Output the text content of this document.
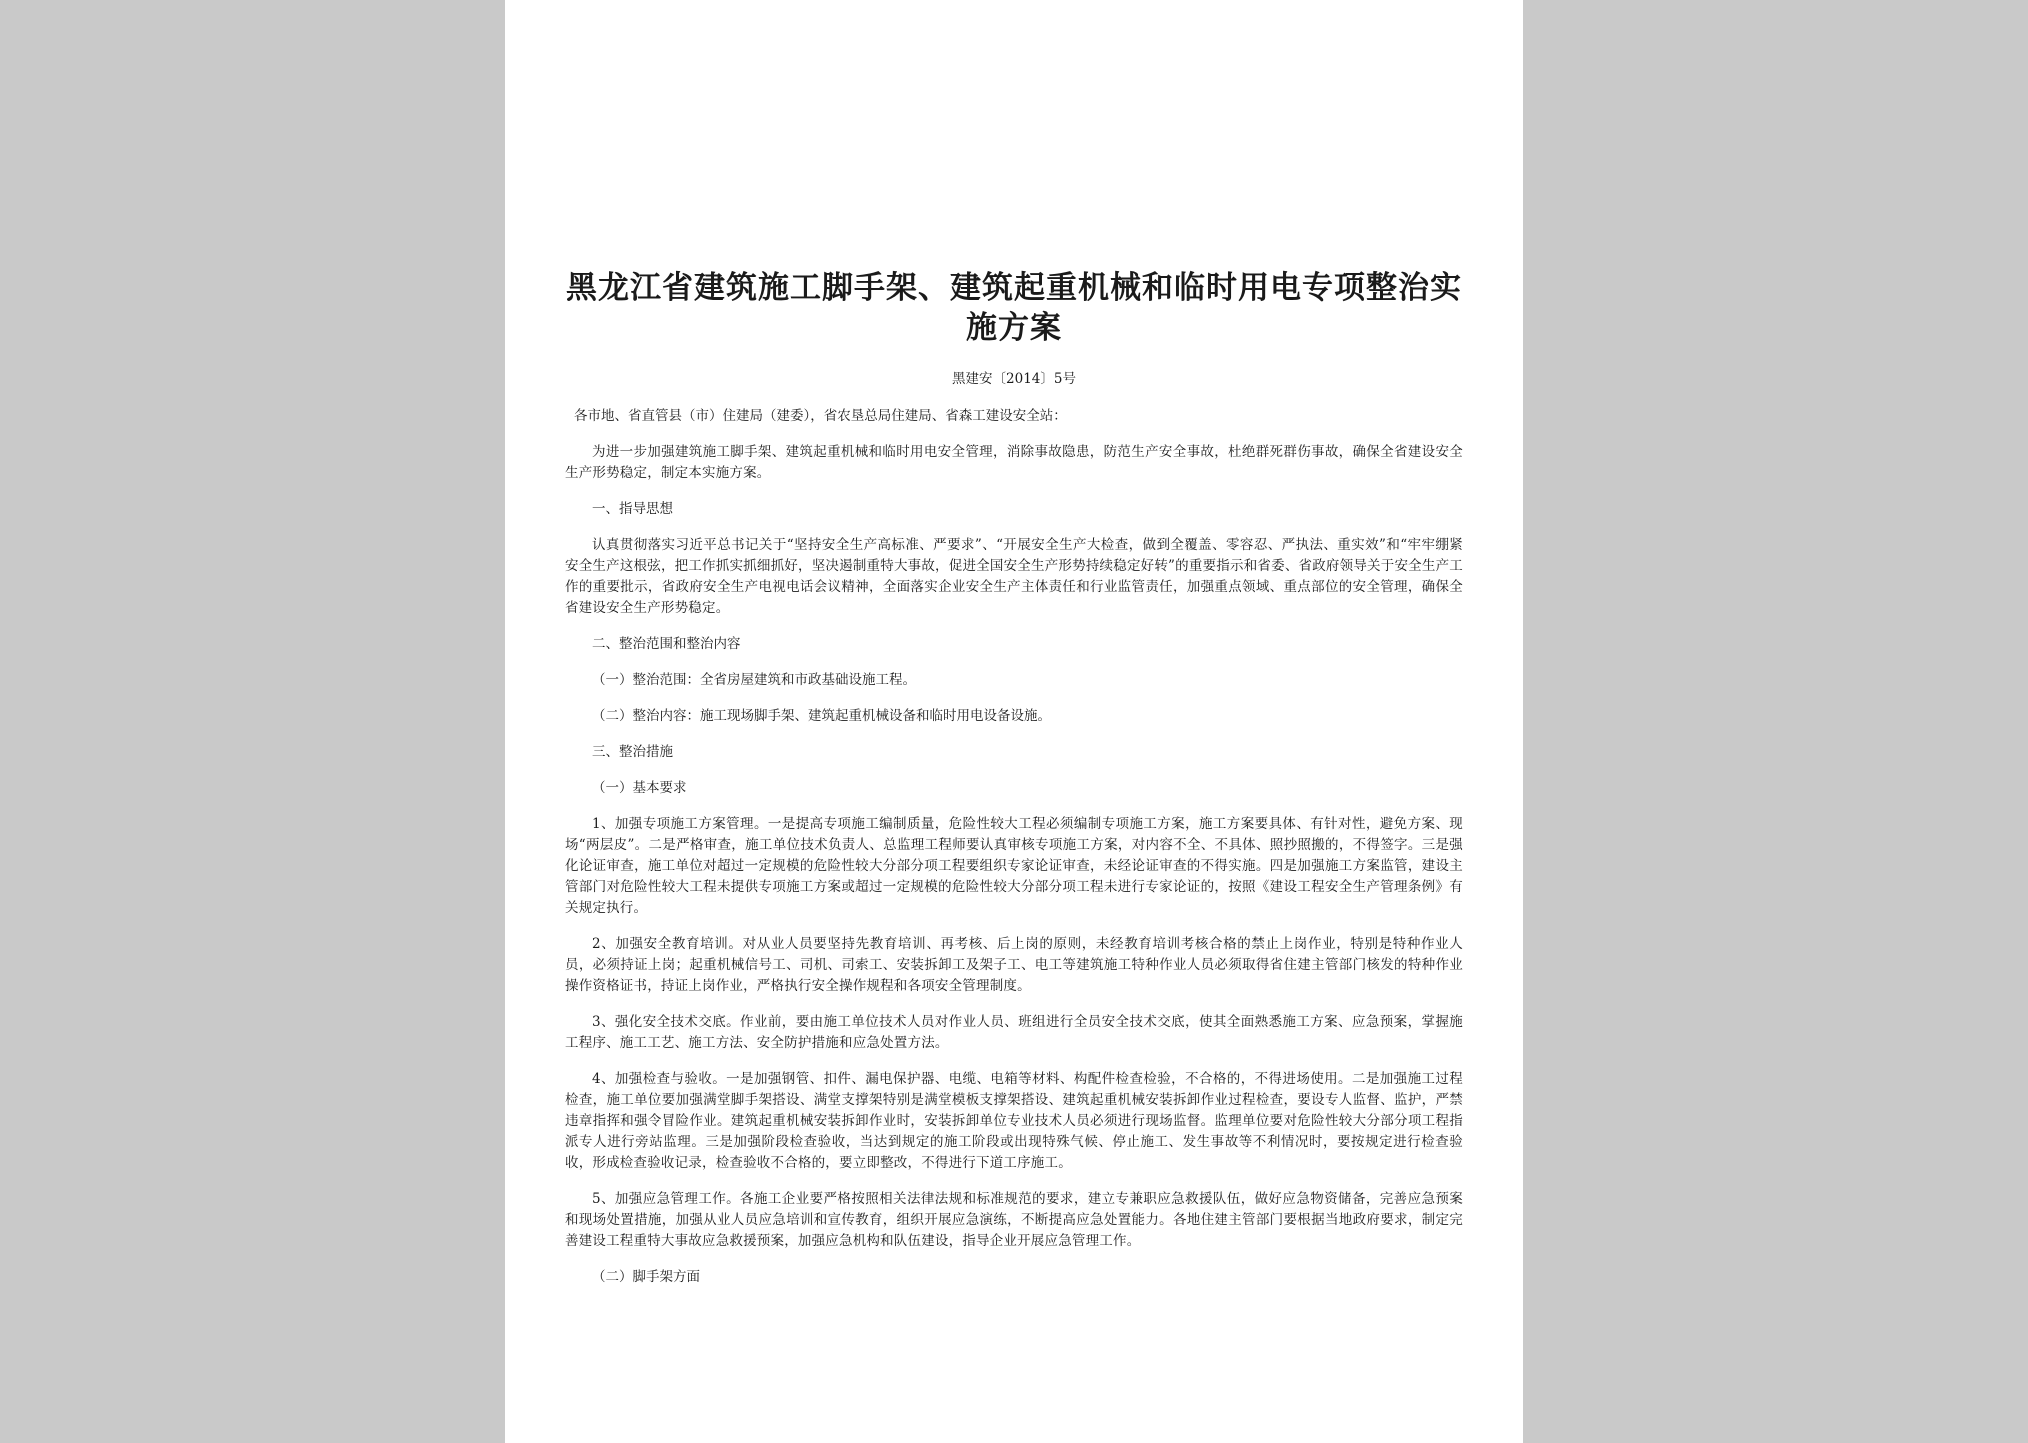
黑龙江省建筑施工脚手架、建筑起重机械和临时用电专项整治实施方案
黑建安〔2014〕5号
各市地、省直管县（市）住建局（建委），省农垦总局住建局、省森工建设安全站：

为进一步加强建筑施工脚手架、建筑起重机械和临时用电安全管理，消除事故隐患，防范生产安全事故，杜绝群死群伤事故，确保全省建设安全生产形势稳定，制定本实施方案。

一、指导思想

认真贯彻落实习近平总书记关于“坚持安全生产高标准、严要求”、“开展安全生产大检查，做到全覆盖、零容忍、严执法、重实效”和“牢牢绷紧安全生产这根弦，把工作抓实抓细抓好，坚决遏制重特大事故，促进全国安全生产形势持续稳定好转”的重要指示和省委、省政府领导关于安全生产工作的重要批示，省政府安全生产电视电话会议精神，全面落实企业安全生产主体责任和行业监管责任，加强重点领域、重点部位的安全管理，确保全省建设安全生产形势稳定。

二、整治范围和整治内容
（一）整治范围：全省房屋建筑和市政基础设施工程。
（二）整治内容：施工现场脚手架、建筑起重机械设备和临时用电设备设施。
三、整治措施
（一）基本要求

1、加强专项施工方案管理。一是提高专项施工编制质量，危险性较大工程必须编制专项施工方案，施工方案要具体、有针对性，避免方案、现场“两层皮”。二是严格审查，施工单位技术负责人、总监理工程师要认真审核专项施工方案，对内容不全、不具体、照抄照搬的，不得签字。三是强化论证审查，施工单位对超过一定规模的危险性较大分部分项工程要组织专家论证审查，未经论证审查的不得实施。四是加强施工方案监管，建设主管部门对危险性较大工程未提供专项施工方案或超过一定规模的危险性较大分部分项工程未进行专家论证的，按照《建设工程安全生产管理条例》有关规定执行。

2、加强安全教育培训。对从业人员要坚持先教育培训、再考核、后上岗的原则，未经教育培训考核合格的禁止上岗作业，特别是特种作业人员，必须持证上岗；起重机械信号工、司机、司索工、安装拆卸工及架子工、电工等建筑施工特种作业人员必须取得省住建主管部门核发的特种作业操作资格证书，持证上岗作业，严格执行安全操作规程和各项安全管理制度。

3、强化安全技术交底。作业前，要由施工单位技术人员对作业人员、班组进行全员安全技术交底，使其全面熟悉施工方案、应急预案，掌握施工程序、施工工艺、施工方法、安全防护措施和应急处置方法。

4、加强检查与验收。一是加强钢管、扣件、漏电保护器、电缆、电箱等材料、构配件检查检验，不合格的，不得进场使用。二是加强施工过程检查，施工单位要加强满堂脚手架搭设、满堂支撑架特别是满堂模板支撑架搭设、建筑起重机械安装拆卸作业过程检查，要设专人监督、监护，严禁违章指挥和强令冒险作业。建筑起重机械安装拆卸作业时，安装拆卸单位专业技术人员必须进行现场监督。监理单位要对危险性较大分部分项工程指派专人进行旁站监理。三是加强阶段检查验收，当达到规定的施工阶段或出现特殊气候、停止施工、发生事故等不利情况时，要按规定进行检查验收，形成检查验收记录，检查验收不合格的，要立即整改，不得进行下道工序施工。

5、加强应急管理工作。各施工企业要严格按照相关法律法规和标准规范的要求，建立专兼职应急救援队伍，做好应急物资储备，完善应急预案和现场处置措施，加强从业人员应急培训和宣传教育，组织开展应急演练，不断提高应急处置能力。各地住建主管部门要根据当地政府要求，制定完善建设工程重特大事故应急救援预案，加强应急机构和队伍建设，指导企业开展应急管理工作。

（二）脚手架方面
